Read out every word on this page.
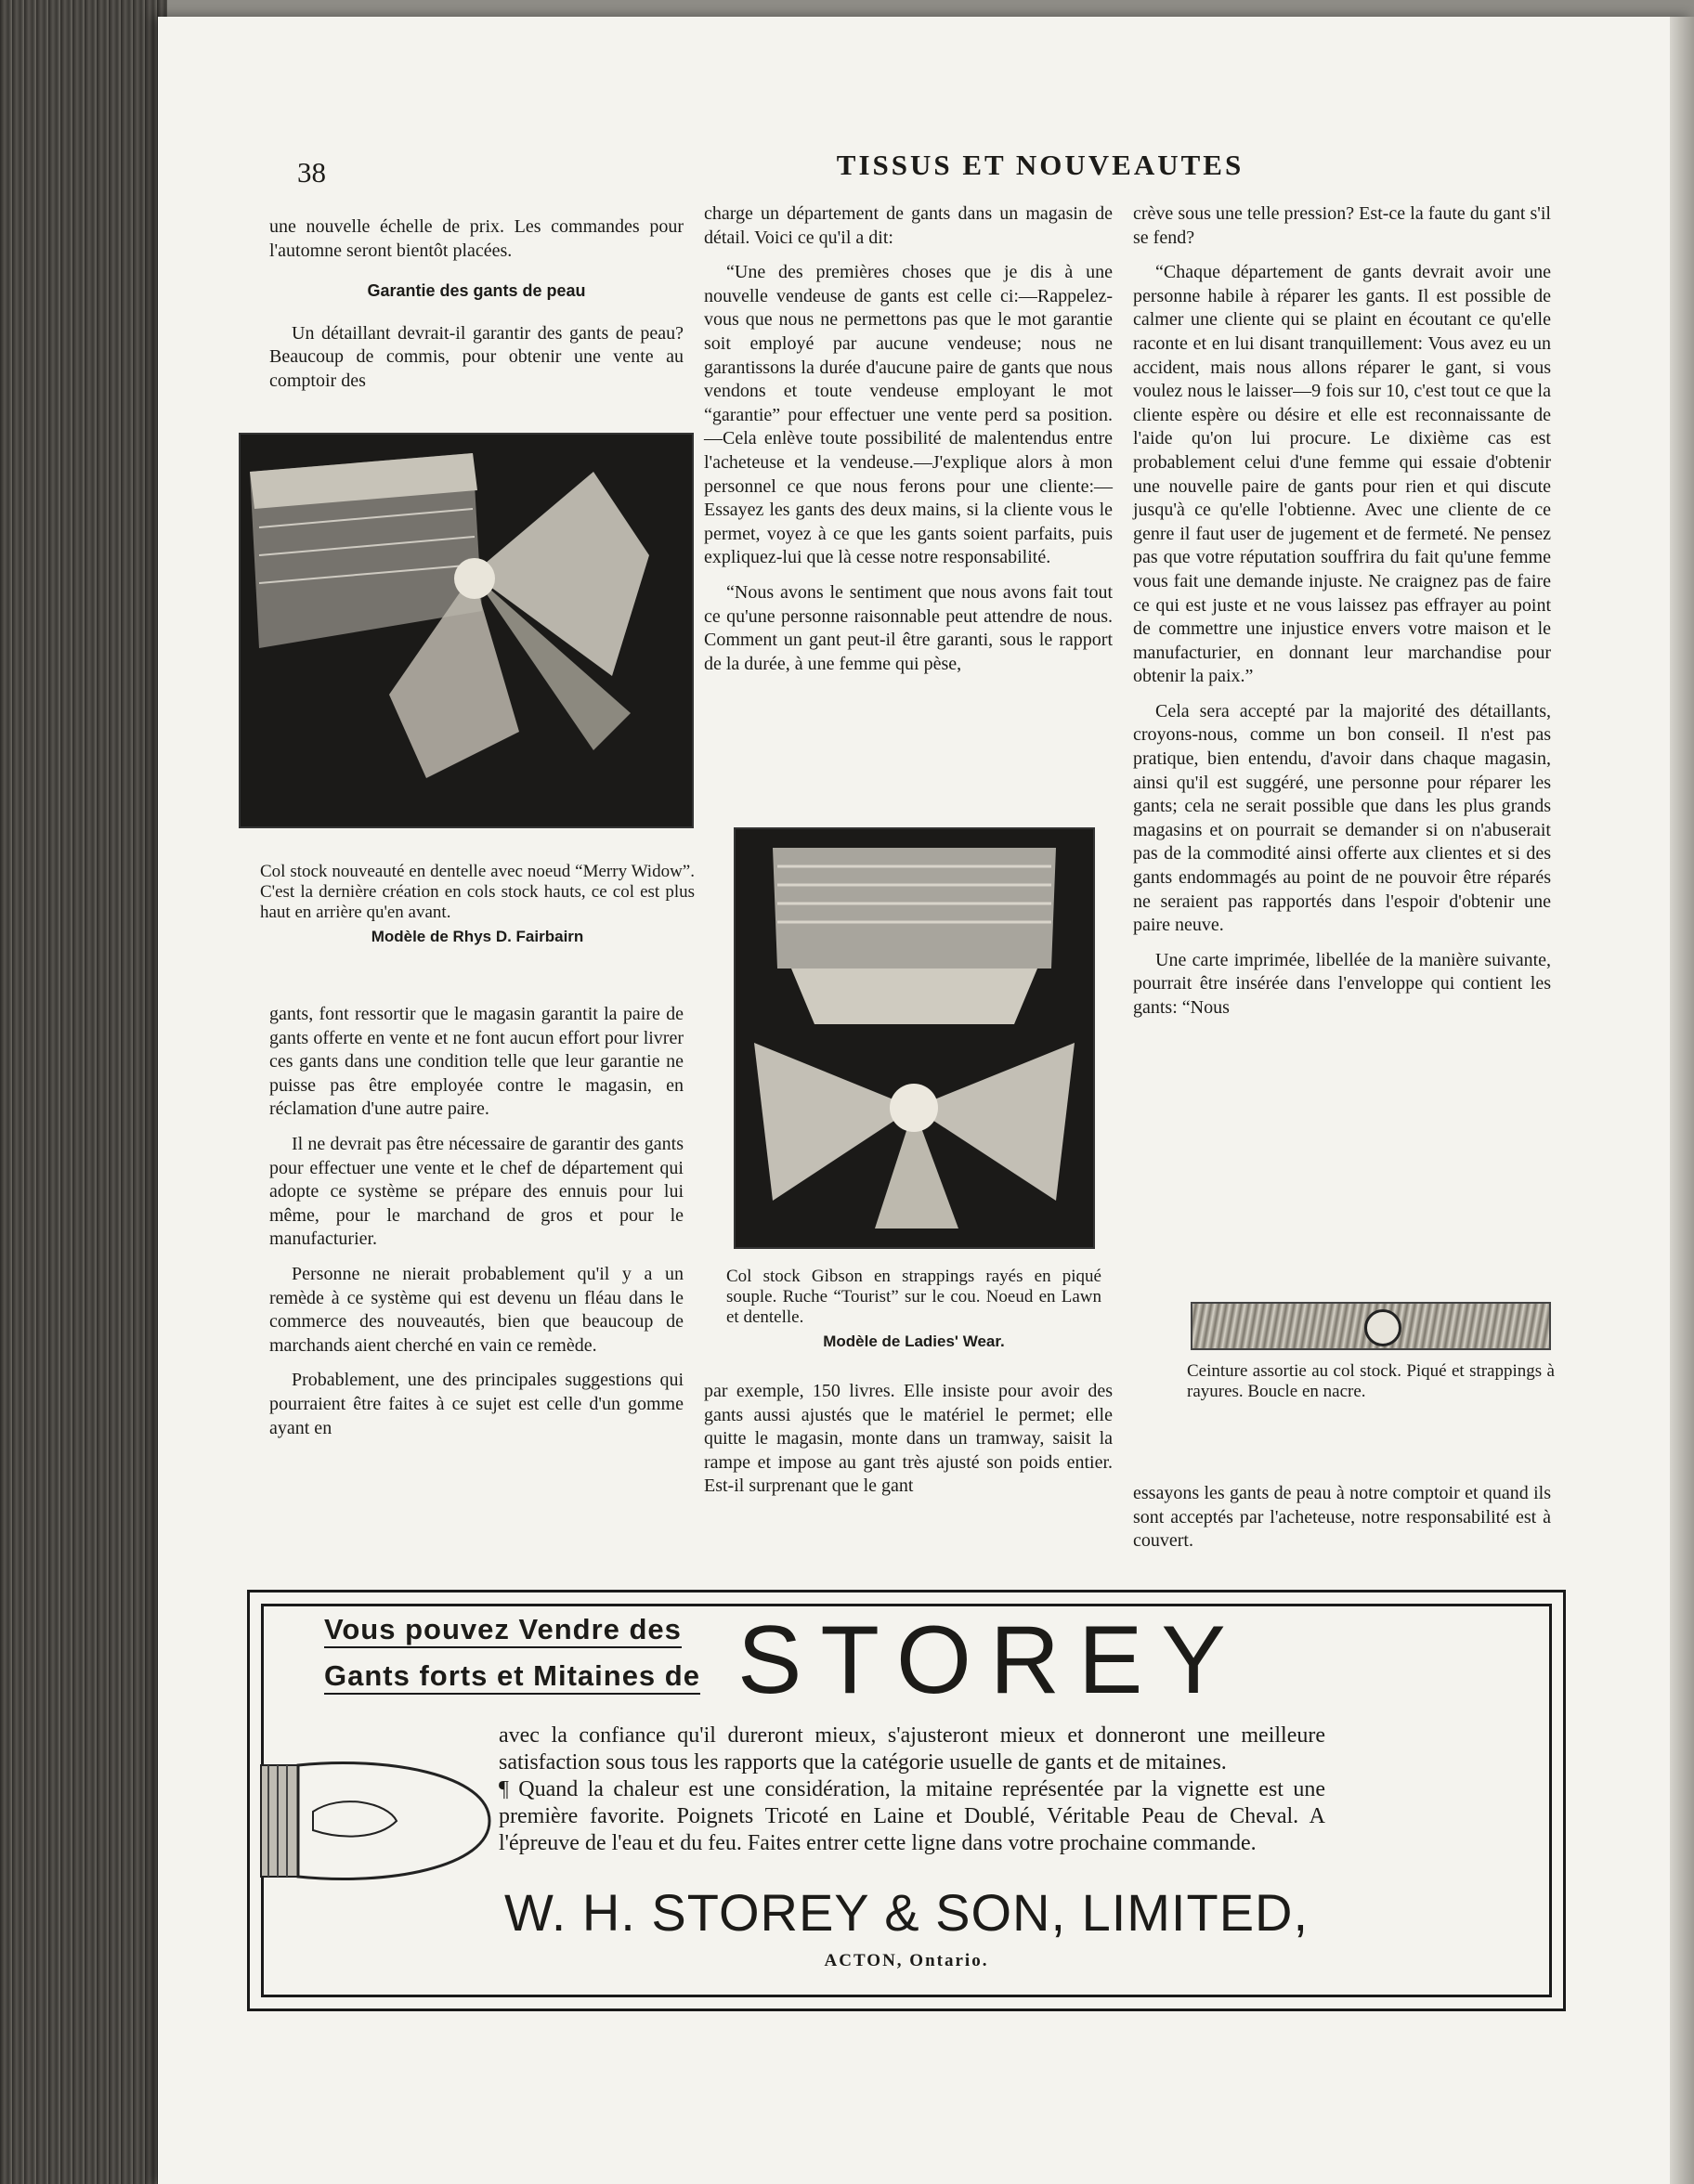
38	TISSUS ET NOUVEAUTES

une nouvelle échelle de prix. Les commandes pour l'automne seront bientôt placées.

Garantie des gants de peau

Un détaillant devrait-il garantir des gants de peau? Beaucoup de commis, pour obtenir une vente au comptoir des

Col stock nouveauté en dentelle avec noeud “Merry Widow”. C'est la dernière création en cols stock hauts, ce col est plus haut en arrière qu'en avant.
Modèle de Rhys D. Fairbairn

gants, font ressortir que le magasin garantit la paire de gants offerte en vente et ne font aucun effort pour livrer ces gants dans une condition telle que leur garantie ne puisse pas être employée contre le magasin, en réclamation d'une autre paire.

Il ne devrait pas être nécessaire de garantir des gants pour effectuer une vente et le chef de département qui adopte ce système se prépare des ennuis pour lui même, pour le marchand de gros et pour le manufacturier.

Personne ne nierait probablement qu'il y a un remède à ce système qui est devenu un fléau dans le commerce des nouveautés, bien que beaucoup de marchands aient cherché en vain ce remède.

Probablement, une des principales suggestions qui pourraient être faites à ce sujet est celle d'un gomme ayant en

charge un département de gants dans un magasin de détail. Voici ce qu'il a dit:

“Une des premières choses que je dis à une nouvelle vendeuse de gants est celle ci:—Rappelez-vous que nous ne permettons pas que le mot garantie soit employé par aucune vendeuse; nous ne garantissons la durée d'aucune paire de gants que nous vendons et toute vendeuse employant le mot “garantie” pour effectuer une vente perd sa position. —Cela enlève toute possibilité de malentendus entre l'acheteuse et la vendeuse.—J'explique alors à mon personnel ce que nous ferons pour une cliente:—Essayez les gants des deux mains, si la cliente vous le permet, voyez à ce que les gants soient parfaits, puis expliquez-lui que là cesse notre responsabilité.

“Nous avons le sentiment que nous avons fait tout ce qu'une personne raisonnable peut attendre de nous. Comment un gant peut-il être garanti, sous le rapport de la durée, à une femme qui pèse,

Col stock Gibson en strappings rayés en piqué souple. Ruche “Tourist” sur le cou. Noeud en Lawn et dentelle.
Modèle de Ladies' Wear.

par exemple, 150 livres. Elle insiste pour avoir des gants aussi ajustés que le matériel le permet; elle quitte le magasin, monte dans un tramway, saisit la rampe et impose au gant très ajusté son poids entier. Est-il surprenant que le gant

crève sous une telle pression? Est-ce la faute du gant s'il se fend?

“Chaque département de gants devrait avoir une personne habile à réparer les gants. Il est possible de calmer une cliente qui se plaint en écoutant ce qu'elle raconte et en lui disant tranquillement: Vous avez eu un accident, mais nous allons réparer le gant, si vous voulez nous le laisser—9 fois sur 10, c'est tout ce que la cliente espère ou désire et elle est reconnaissante de l'aide qu'on lui procure. Le dixième cas est probablement celui d'une femme qui essaie d'obtenir une nouvelle paire de gants pour rien et qui discute jusqu'à ce qu'elle l'obtienne. Avec une cliente de ce genre il faut user de jugement et de fermeté. Ne pensez pas que votre réputation souffrira du fait qu'une femme vous fait une demande injuste. Ne craignez pas de faire ce qui est juste et ne vous laissez pas effrayer au point de commettre une injustice envers votre maison et le manufacturier, en donnant leur marchandise pour obtenir la paix.”

Cela sera accepté par la majorité des détaillants, croyons-nous, comme un bon conseil. Il n'est pas pratique, bien entendu, d'avoir dans chaque magasin, ainsi qu'il est suggéré, une personne pour réparer les gants; cela ne serait possible que dans les plus grands magasins et on pourrait se demander si on n'abuserait pas de la commodité ainsi offerte aux clientes et si des gants endommagés au point de ne pouvoir être réparés ne seraient pas rapportés dans l'espoir d'obtenir une paire neuve.

Une carte imprimée, libellée de la manière suivante, pourrait être insérée dans l'enveloppe qui contient les gants: “Nous

Ceinture assortie au col stock. Piqué et strappings à rayures. Boucle en nacre.

essayons les gants de peau à notre comptoir et quand ils sont acceptés par l'acheteuse, notre responsabilité est à couvert.

Vous pouvez Vendre des
Gants forts et Mitaines de STOREY

avec la confiance qu'il dureront mieux, s'ajusteront mieux et donneront une meilleure satisfaction sous tous les rapports que la catégorie usuelle de gants et de mitaines.

¶ Quand la chaleur est une considération, la mitaine représentée par la vignette est une première favorite. Poignets Tricoté en Laine et Doublé, Véritable Peau de Cheval. A l'épreuve de l'eau et du feu. Faites entrer cette ligne dans votre prochaine commande.

W. H. STOREY & SON, LIMITED,
ACTON, Ontario.
